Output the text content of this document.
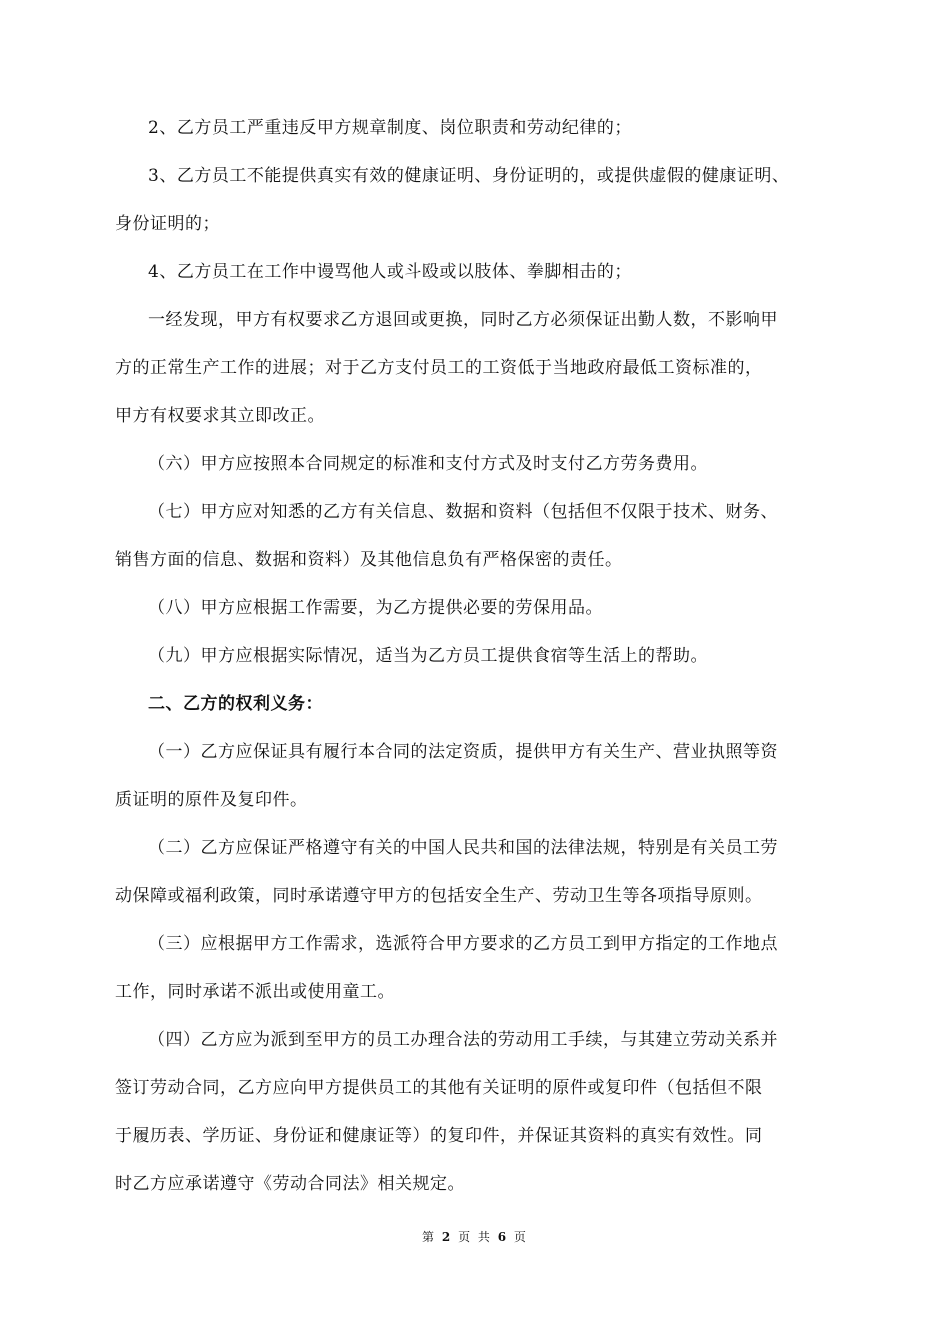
2、乙方员工严重违反甲方规章制度、岗位职责和劳动纪律的；
3、乙方员工不能提供真实有效的健康证明、身份证明的，或提供虚假的健康证明、
身份证明的；
4、乙方员工在工作中谩骂他人或斗殴或以肢体、拳脚相击的；
一经发现，甲方有权要求乙方退回或更换，同时乙方必须保证出勤人数，不影响甲
方的正常生产工作的进展；对于乙方支付员工的工资低于当地政府最低工资标准的，
甲方有权要求其立即改正。
（六）甲方应按照本合同规定的标准和支付方式及时支付乙方劳务费用。
（七）甲方应对知悉的乙方有关信息、数据和资料（包括但不仅限于技术、财务、
销售方面的信息、数据和资料）及其他信息负有严格保密的责任。
（八）甲方应根据工作需要，为乙方提供必要的劳保用品。
（九）甲方应根据实际情况，适当为乙方员工提供食宿等生活上的帮助。
二、乙方的权利义务：
（一）乙方应保证具有履行本合同的法定资质，提供甲方有关生产、营业执照等资
质证明的原件及复印件。
（二）乙方应保证严格遵守有关的中国人民共和国的法律法规，特别是有关员工劳
动保障或福利政策，同时承诺遵守甲方的包括安全生产、劳动卫生等各项指导原则。
（三）应根据甲方工作需求，选派符合甲方要求的乙方员工到甲方指定的工作地点
工作，同时承诺不派出或使用童工。
（四）乙方应为派到至甲方的员工办理合法的劳动用工手续，与其建立劳动关系并
签订劳动合同，乙方应向甲方提供员工的其他有关证明的原件或复印件（包括但不限
于履历表、学历证、身份证和健康证等）的复印件，并保证其资料的真实有效性。同
时乙方应承诺遵守《劳动合同法》相关规定。
第 2 页 共 6 页
